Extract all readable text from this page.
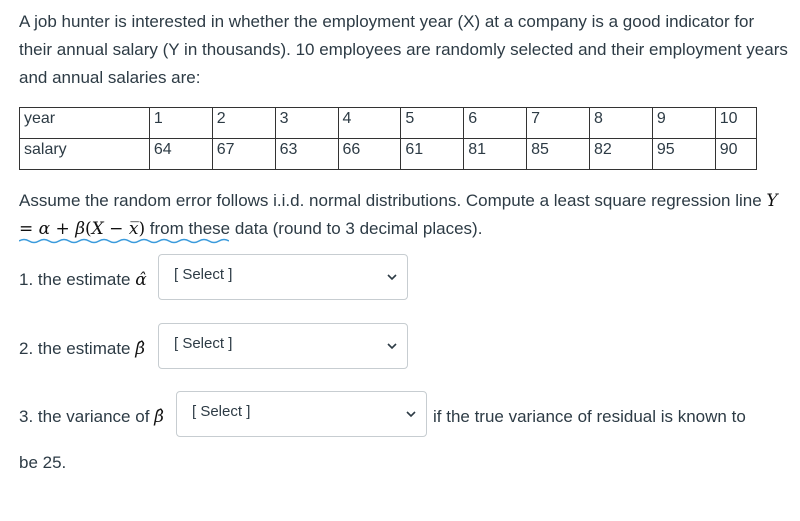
A job hunter is interested in whether the employment year (X) at a company is a good indicator for their annual salary (Y in thousands). 10 employees are randomly selected and their employment years and annual salaries are:
year	1	2	3	4	5	6	7	8	9	10
salary	64	67	63	66	61	81	85	82	95	90
Assume the random error follows i.i.d. normal distributions. Compute a least square regression line Y = α + β(X − x̅) from these data (round to 3 decimal places).
1. the estimate α̂ [ Select ]
2. the estimate β̂ [ Select ]
3. the variance of β̂ [ Select ]	if the true variance of residual is known to
be 25.
